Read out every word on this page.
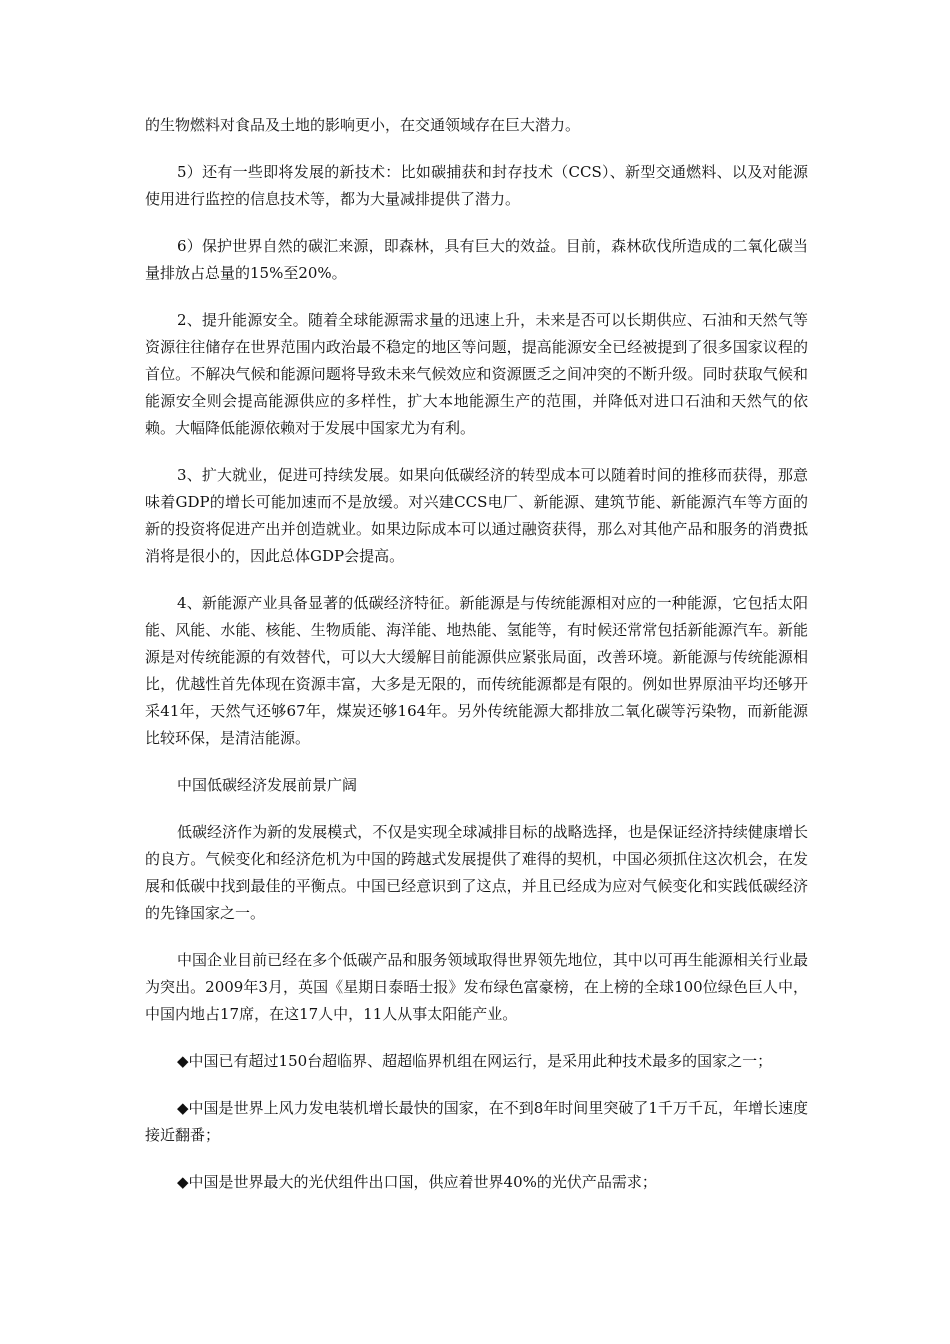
的生物燃料对食品及土地的影响更小，在交通领域存在巨大潜力。

5）还有一些即将发展的新技术：比如碳捕获和封存技术（CCS）、新型交通燃料、以及对能源使用进行监控的信息技术等，都为大量减排提供了潜力。

6）保护世界自然的碳汇来源，即森林，具有巨大的效益。目前，森林砍伐所造成的二氧化碳当量排放占总量的15%至20%。

2、提升能源安全。随着全球能源需求量的迅速上升，未来是否可以长期供应、石油和天然气等资源往往储存在世界范围内政治最不稳定的地区等问题，提高能源安全已经被提到了很多国家议程的首位。不解决气候和能源问题将导致未来气候效应和资源匮乏之间冲突的不断升级。同时获取气候和能源安全则会提高能源供应的多样性，扩大本地能源生产的范围，并降低对进口石油和天然气的依赖。大幅降低能源依赖对于发展中国家尤为有利。

3、扩大就业，促进可持续发展。如果向低碳经济的转型成本可以随着时间的推移而获得，那意味着GDP的增长可能加速而不是放缓。对兴建CCS电厂、新能源、建筑节能、新能源汽车等方面的新的投资将促进产出并创造就业。如果边际成本可以通过融资获得，那么对其他产品和服务的消费抵消将是很小的，因此总体GDP会提高。

4、新能源产业具备显著的低碳经济特征。新能源是与传统能源相对应的一种能源，它包括太阳能、风能、水能、核能、生物质能、海洋能、地热能、氢能等，有时候还常常包括新能源汽车。新能源是对传统能源的有效替代，可以大大缓解目前能源供应紧张局面，改善环境。新能源与传统能源相比，优越性首先体现在资源丰富，大多是无限的，而传统能源都是有限的。例如世界原油平均还够开采41年，天然气还够67年，煤炭还够164年。另外传统能源大都排放二氧化碳等污染物，而新能源比较环保，是清洁能源。

中国低碳经济发展前景广阔

低碳经济作为新的发展模式，不仅是实现全球减排目标的战略选择，也是保证经济持续健康增长的良方。气候变化和经济危机为中国的跨越式发展提供了难得的契机，中国必须抓住这次机会，在发展和低碳中找到最佳的平衡点。中国已经意识到了这点，并且已经成为应对气候变化和实践低碳经济的先锋国家之一。

中国企业目前已经在多个低碳产品和服务领域取得世界领先地位，其中以可再生能源相关行业最为突出。2009年3月，英国《星期日泰晤士报》发布绿色富豪榜，在上榜的全球100位绿色巨人中，中国内地占17席，在这17人中，11人从事太阳能产业。

◆中国已有超过150台超临界、超超临界机组在网运行，是采用此种技术最多的国家之一；

◆中国是世界上风力发电装机增长最快的国家，在不到8年时间里突破了1千万千瓦，年增长速度接近翻番；

◆中国是世界最大的光伏组件出口国，供应着世界40%的光伏产品需求；
